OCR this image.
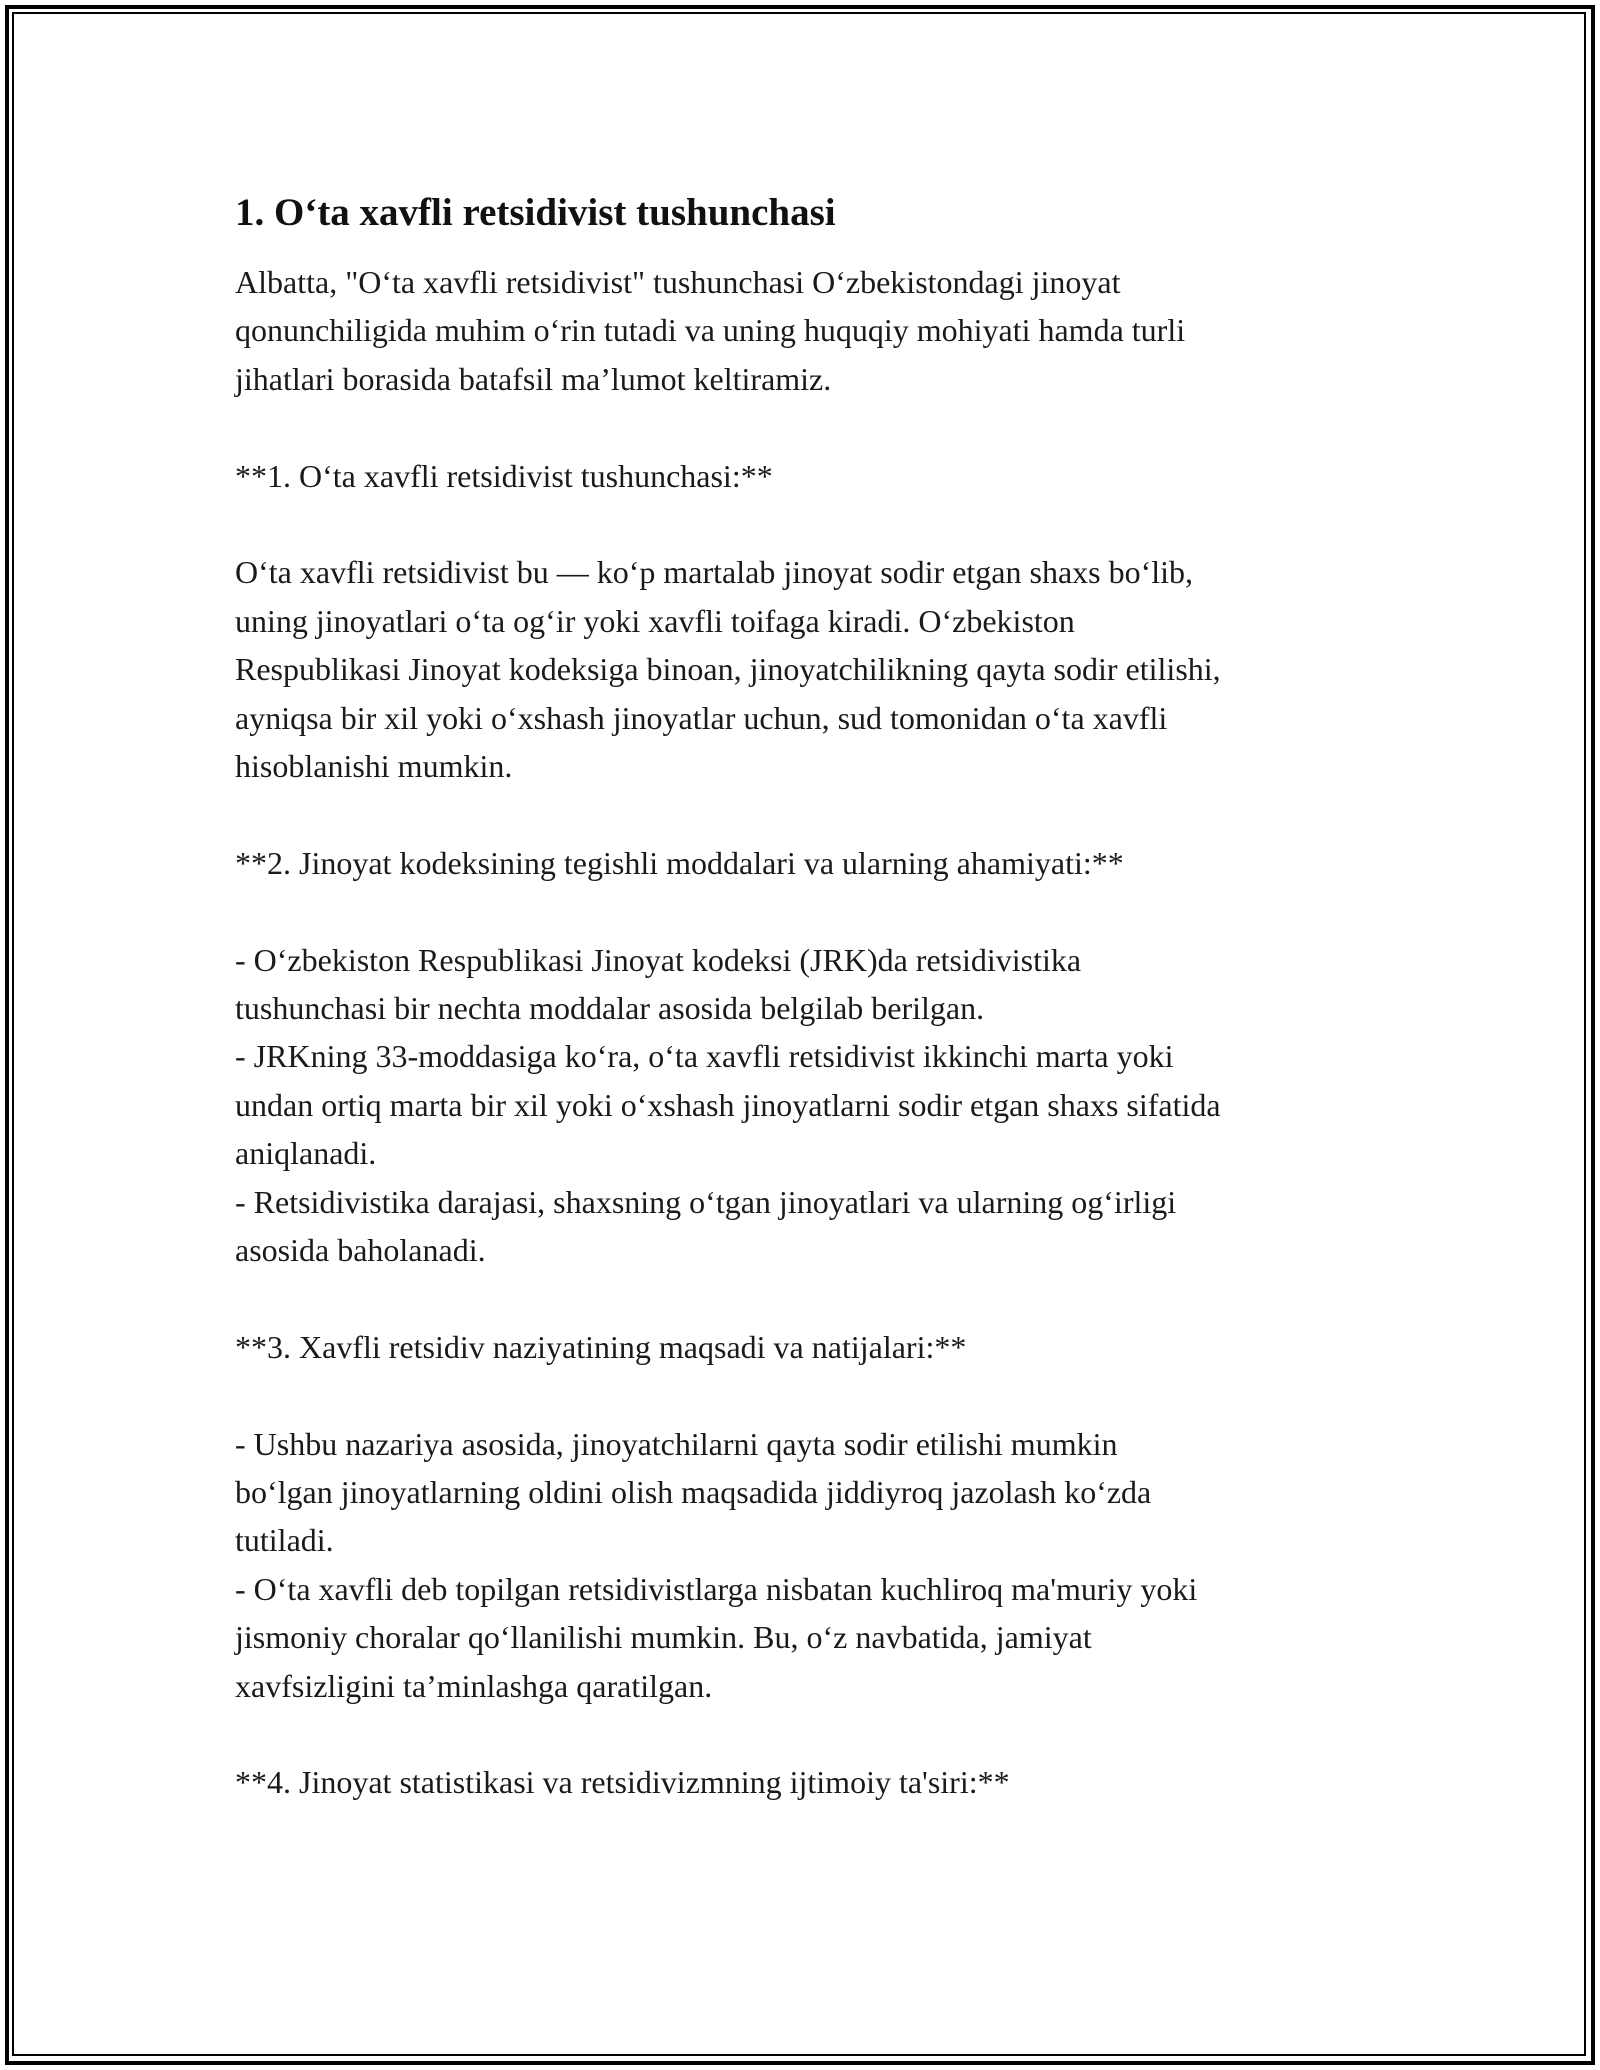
1. O‘ta xavfli retsidivist tushunchasi

Albatta, "O‘ta xavfli retsidivist" tushunchasi O‘zbekistondagi jinoyat
qonunchiligida muhim o‘rin tutadi va uning huquqiy mohiyati hamda turli
jihatlari borasida batafsil ma’lumot keltiramiz.

**1. O‘ta xavfli retsidivist tushunchasi:**

O‘ta xavfli retsidivist bu — ko‘p martalab jinoyat sodir etgan shaxs bo‘lib,
uning jinoyatlari o‘ta og‘ir yoki xavfli toifaga kiradi. O‘zbekiston
Respublikasi Jinoyat kodeksiga binoan, jinoyatchilikning qayta sodir etilishi,
ayniqsa bir xil yoki o‘xshash jinoyatlar uchun, sud tomonidan o‘ta xavfli
hisoblanishi mumkin.

**2. Jinoyat kodeksining tegishli moddalari va ularning ahamiyati:**

- O‘zbekiston Respublikasi Jinoyat kodeksi (JRK)da retsidivistika
tushunchasi bir nechta moddalar asosida belgilab berilgan.
- JRKning 33-moddasiga ko‘ra, o‘ta xavfli retsidivist ikkinchi marta yoki
undan ortiq marta bir xil yoki o‘xshash jinoyatlarni sodir etgan shaxs sifatida
aniqlanadi.
- Retsidivistika darajasi, shaxsning o‘tgan jinoyatlari va ularning og‘irligi
asosida baholanadi.

**3. Xavfli retsidiv naziyatining maqsadi va natijalari:**

- Ushbu nazariya asosida, jinoyatchilarni qayta sodir etilishi mumkin
bo‘lgan jinoyatlarning oldini olish maqsadida jiddiyroq jazolash ko‘zda
tutiladi.
- O‘ta xavfli deb topilgan retsidivistlarga nisbatan kuchliroq ma'muriy yoki
jismoniy choralar qo‘llanilishi mumkin. Bu, o‘z navbatida, jamiyat
xavfsizligini ta’minlashga qaratilgan.

**4. Jinoyat statistikasi va retsidivizmning ijtimoiy ta'siri:**
